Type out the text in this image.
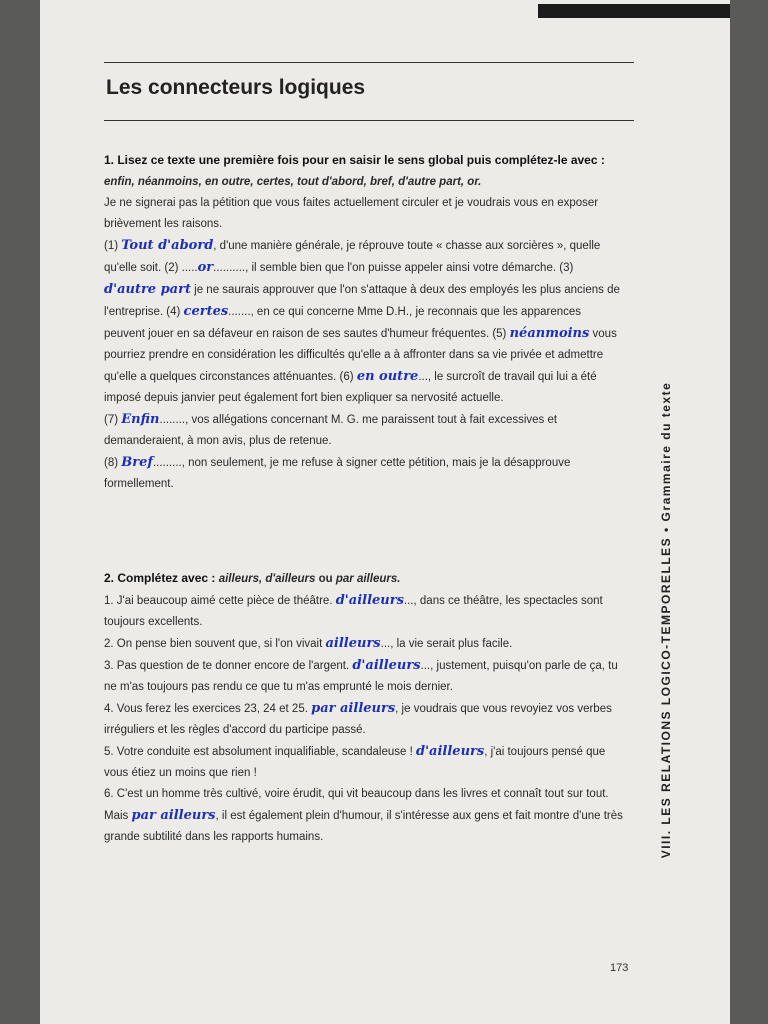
Les connecteurs logiques

1. Lisez ce texte une première fois pour en saisir le sens global puis complétez-le avec : enfin, néanmoins, en outre, certes, tout d'abord, bref, d'autre part, or.

Je ne signerai pas la pétition que vous faites actuellement circuler et je voudrais vous en exposer brièvement les raisons.

(1) Tout d'abord, d'une manière générale, je réprouve toute « chasse aux sorcières », quelle qu'elle soit. (2) .....or.........., il semble bien que l'on puisse appeler ainsi votre démarche. (3) d'autre part je ne saurais approuver que l'on s'attaque à deux des employés les plus anciens de l'entreprise. (4) certes......., en ce qui concerne Mme D.H., je reconnais que les apparences peuvent jouer en sa défaveur en raison de ses sautes d'humeur fréquentes. (5) néanmoins vous pourriez prendre en considération les difficultés qu'elle a à affronter dans sa vie privée et admettre qu'elle a quelques circonstances atténuantes. (6) en outre..., le surcroît de travail qui lui a été imposé depuis janvier peut également fort bien expliquer sa nervosité actuelle.

(7) Enfin........, vos allégations concernant M. G. me paraissent tout à fait excessives et demanderaient, à mon avis, plus de retenue.

(8) Bref........., non seulement, je me refuse à signer cette pétition, mais je la désapprouve formellement.

2. Complétez avec : ailleurs, d'ailleurs ou par ailleurs.

1. J'ai beaucoup aimé cette pièce de théâtre. d'ailleurs..., dans ce théâtre, les spectacles sont toujours excellents.

2. On pense bien souvent que, si l'on vivait ailleurs..., la vie serait plus facile.

3. Pas question de te donner encore de l'argent. d'ailleurs..., justement, puisqu'on parle de ça, tu ne m'as toujours pas rendu ce que tu m'as emprunté le mois dernier.

4. Vous ferez les exercices 23, 24 et 25. par ailleurs, je voudrais que vous revoyiez vos verbes irréguliers et les règles d'accord du participe passé.

5. Votre conduite est absolument inqualifiable, scandaleuse ! d'ailleurs, j'ai toujours pensé que vous étiez un moins que rien !

6. C'est un homme très cultivé, voire érudit, qui vit beaucoup dans les livres et connaît tout sur tout. Mais par ailleurs, il est également plein d'humour, il s'intéresse aux gens et fait montre d'une très grande subtilité dans les rapports humains.	VIII. LES RELATIONS LOGICO-TEMPORELLES • Grammaire du texte
173
